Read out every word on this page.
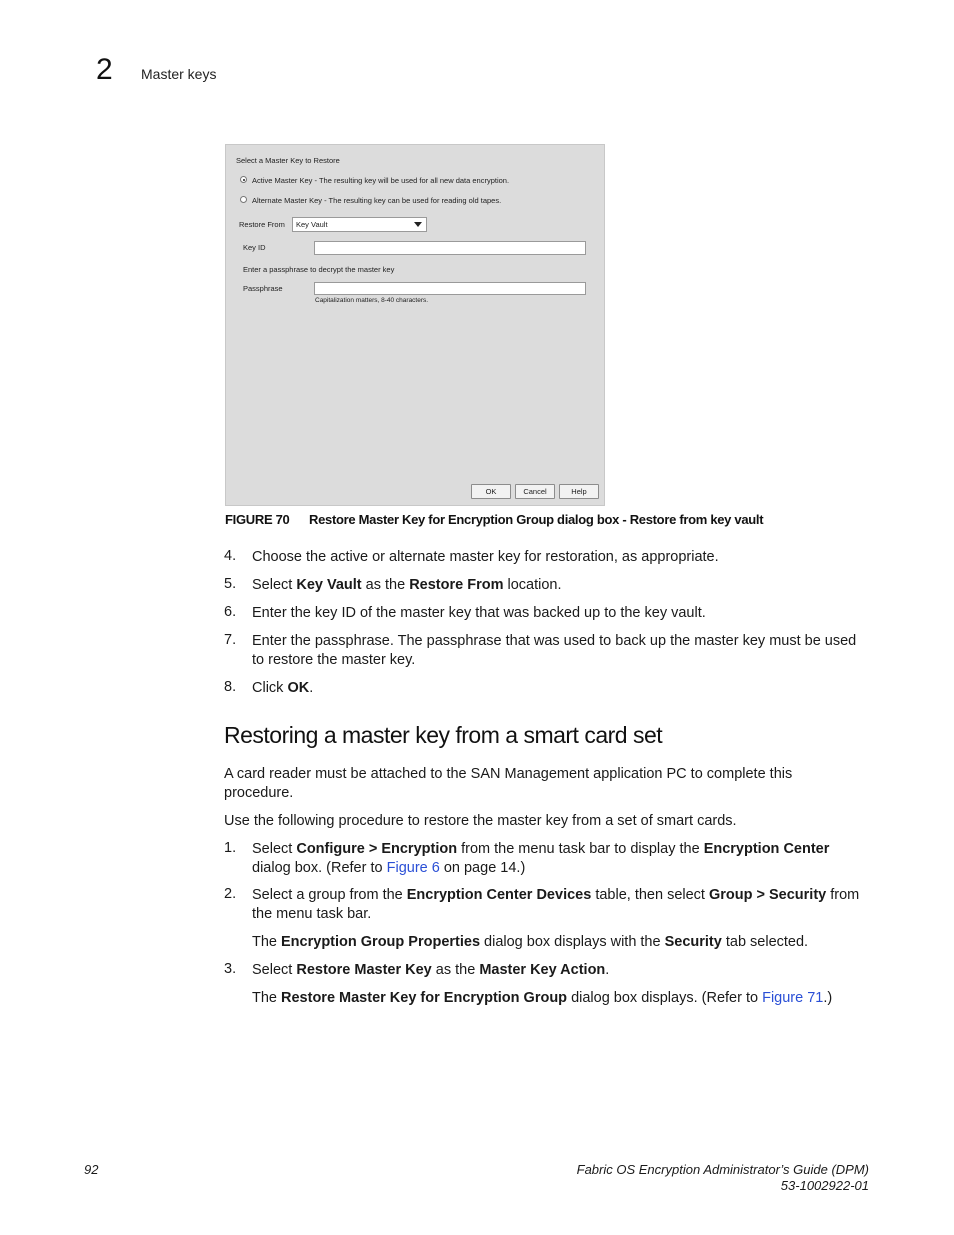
2 Master keys
Select a Master Key to Restore
Active Master Key - The resulting key will be used for all new data encryption.
Alternate Master Key - The resulting key can be used for reading old tapes.
Restore From	Key Vault
Key ID
Enter a passphrase to decrypt the master key
Passphrase
Capitalization matters, 8-40 characters.
OK	Cancel	Help
FIGURE 70 Restore Master Key for Encryption Group dialog box - Restore from key vault
4. Choose the active or alternate master key for restoration, as appropriate.
5. Select Key Vault as the Restore From location.
6. Enter the key ID of the master key that was backed up to the key vault.
7. Enter the passphrase. The passphrase that was used to back up the master key must be used to restore the master key.
8. Click OK.
Restoring a master key from a smart card set

A card reader must be attached to the SAN Management application PC to complete this procedure.

Use the following procedure to restore the master key from a set of smart cards.

1. Select Configure > Encryption from the menu task bar to display the Encryption Center dialog box. (Refer to Figure 6 on page 14.)
2. Select a group from the Encryption Center Devices table, then select Group > Security from the menu task bar.
The Encryption Group Properties dialog box displays with the Security tab selected.
3. Select Restore Master Key as the Master Key Action.
The Restore Master Key for Encryption Group dialog box displays. (Refer to Figure 71.)
92	Fabric OS Encryption Administrator’s Guide (DPM)
53-1002922-01
